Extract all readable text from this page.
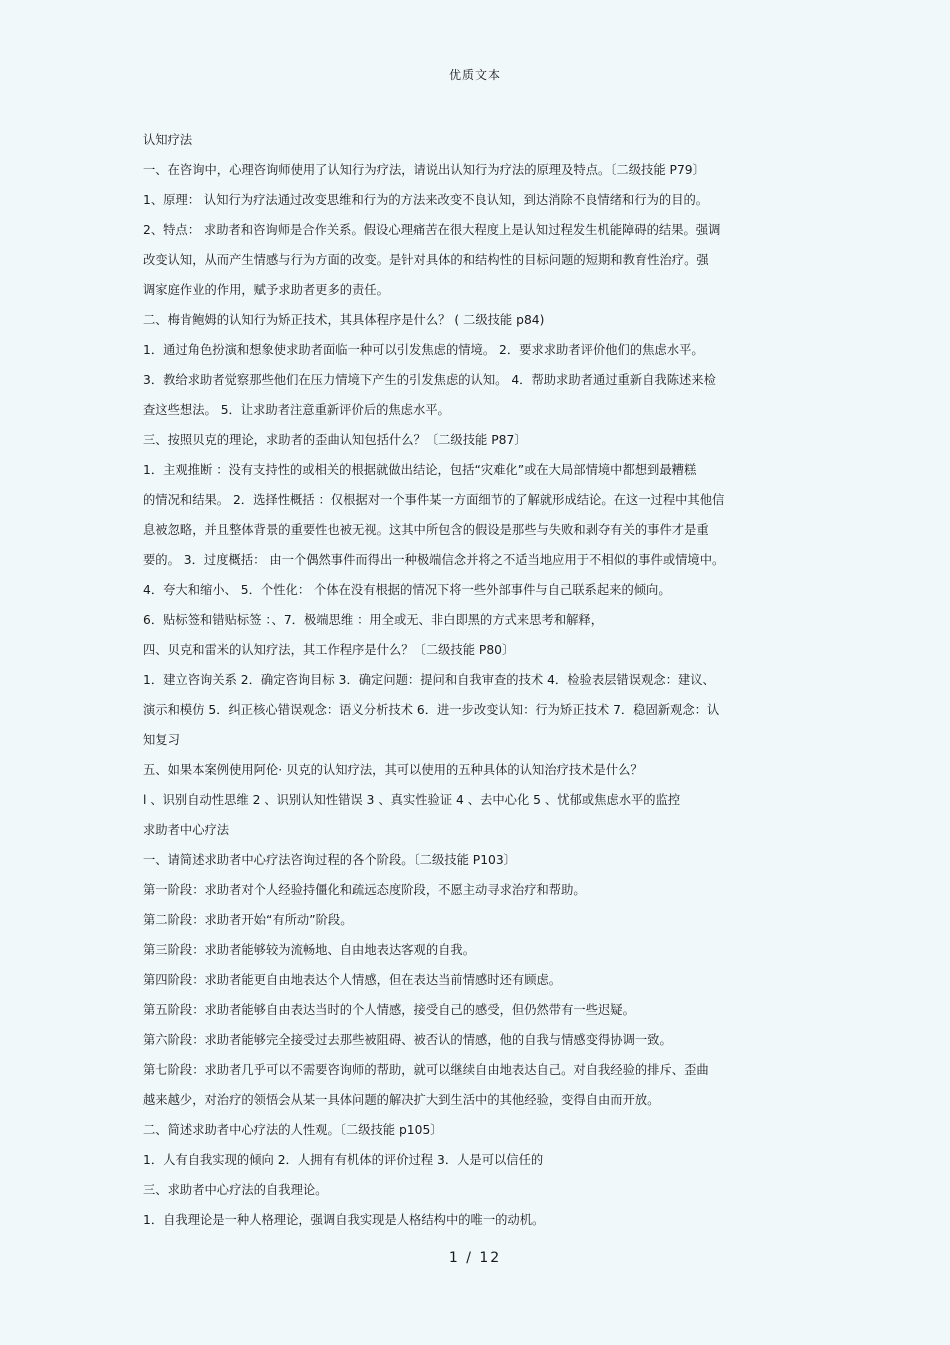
优质文本
认知疗法
一、在咨询中，心理咨询师使用了认知行为疗法，请说出认知行为疗法的原理及特点。〔二级技能 P79〕
1、原理： 认知行为疗法通过改变思维和行为的方法来改变不良认知，到达消除不良情绪和行为的目的。
2、特点： 求助者和咨询师是合作关系。假设心理痛苦在很大程度上是认知过程发生机能障碍的结果。强调
改变认知，从而产生情感与行为方面的改变。是针对具体的和结构性的目标问题的短期和教育性治疗。强
调家庭作业的作用，赋予求助者更多的责任。
二、梅肯鲍姆的认知行为矫正技术，其具体程序是什么？ ( 二级技能 p84)
1．通过角色扮演和想象使求助者面临一种可以引发焦虑的情境。 2．要求求助者评价他们的焦虑水平。
3．教给求助者觉察那些他们在压力情境下产生的引发焦虑的认知。 4．帮助求助者通过重新自我陈述来检
查这些想法。 5．让求助者注意重新评价后的焦虑水平。
三、按照贝克的理论，求助者的歪曲认知包括什么？〔二级技能 P87〕
1．主观推断 ：没有支持性的或相关的根据就做出结论，包括“灾难化”或在大局部情境中都想到最糟糕
的情况和结果。 2．选择性概括 ：仅根据对一个事件某一方面细节的了解就形成结论。在这一过程中其他信
息被忽略，并且整体背景的重要性也被无视。这其中所包含的假设是那些与失败和剥夺有关的事件才是重
要的。 3．过度概括： 由一个偶然事件而得出一种极端信念并将之不适当地应用于不相似的事件或情境中。
4．夸大和缩小、 5．个性化： 个体在没有根据的情况下将一些外部事件与自己联系起来的倾向。
6．贴标签和错贴标签 ：、7．极端思维 ：用全或无、非白即黑的方式来思考和解释，
四、贝克和雷米的认知疗法，其工作程序是什么？〔二级技能 P80〕
1．建立咨询关系 2．确定咨询目标 3．确定问题：提问和自我审查的技术 4．检验表层错误观念：建议、
演示和模仿 5．纠正核心错误观念：语义分析技术 6．进一步改变认知：行为矫正技术 7．稳固新观念：认
知复习
五、如果本案例使用阿伦· 贝克的认知疗法，其可以使用的五种具体的认知治疗技术是什么？
l 、识别自动性思维 2 、识别认知性错误 3 、真实性验证 4 、去中心化 5 、忧郁或焦虑水平的监控
求助者中心疗法
一、请简述求助者中心疗法咨询过程的各个阶段。〔二级技能 P103〕
第一阶段：求助者对个人经验持僵化和疏远态度阶段，不愿主动寻求治疗和帮助。
第二阶段：求助者开始“有所动”阶段。
第三阶段：求助者能够较为流畅地、自由地表达客观的自我。
第四阶段：求助者能更自由地表达个人情感，但在表达当前情感时还有顾虑。
第五阶段：求助者能够自由表达当时的个人情感，接受自己的感受，但仍然带有一些迟疑。
第六阶段：求助者能够完全接受过去那些被阻碍、被否认的情感，他的自我与情感变得协调一致。
第七阶段：求助者几乎可以不需要咨询师的帮助，就可以继续自由地表达自己。对自我经验的排斥、歪曲
越来越少，对治疗的领悟会从某一具体问题的解决扩大到生活中的其他经验，变得自由而开放。
二、简述求助者中心疗法的人性观。〔二级技能 p105〕
1．人有自我实现的倾向 2．人拥有有机体的评价过程 3．人是可以信任的
三、求助者中心疗法的自我理论。
1．自我理论是一种人格理论，强调自我实现是人格结构中的唯一的动机。
1 / 12
